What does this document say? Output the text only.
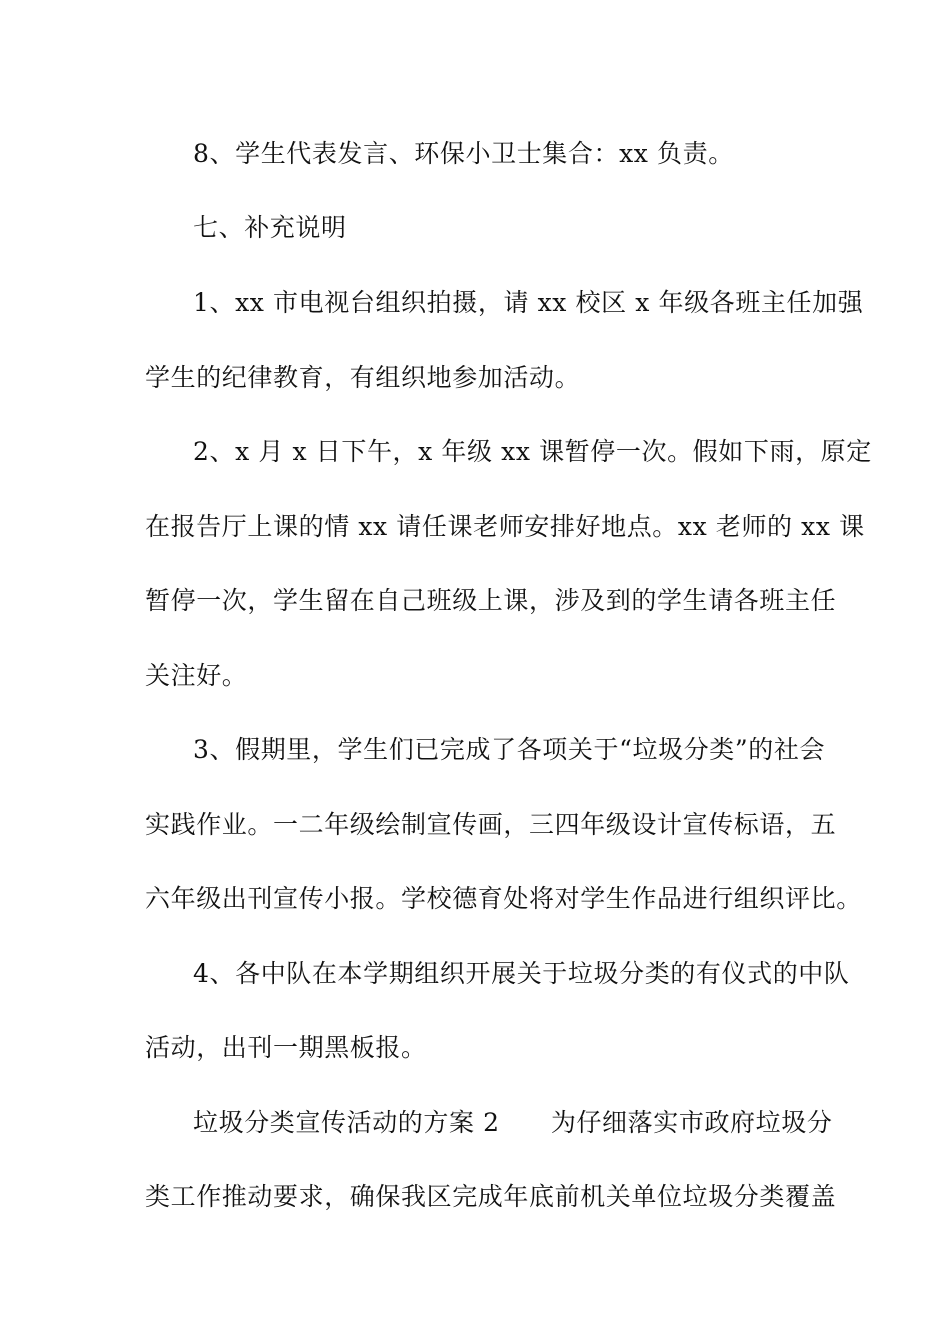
8、学生代表发言、环保小卫士集合：xx 负责。
七、补充说明
1、xx 市电视台组织拍摄，请 xx 校区 x 年级各班主任加强
学生的纪律教育，有组织地参加活动。
2、x 月 x 日下午，x 年级 xx 课暂停一次。假如下雨，原定
在报告厅上课的情 xx 请任课老师安排好地点。xx 老师的 xx 课
暂停一次，学生留在自己班级上课，涉及到的学生请各班主任
关注好。
3、假期里，学生们已完成了各项关于“垃圾分类”的社会
实践作业。一二年级绘制宣传画，三四年级设计宣传标语，五
六年级出刊宣传小报。学校德育处将对学生作品进行组织评比。
4、各中队在本学期组织开展关于垃圾分类的有仪式的中队
活动，出刊一期黑板报。
垃圾分类宣传活动的方案 2　　为仔细落实市政府垃圾分
类工作推动要求，确保我区完成年底前机关单位垃圾分类覆盖
